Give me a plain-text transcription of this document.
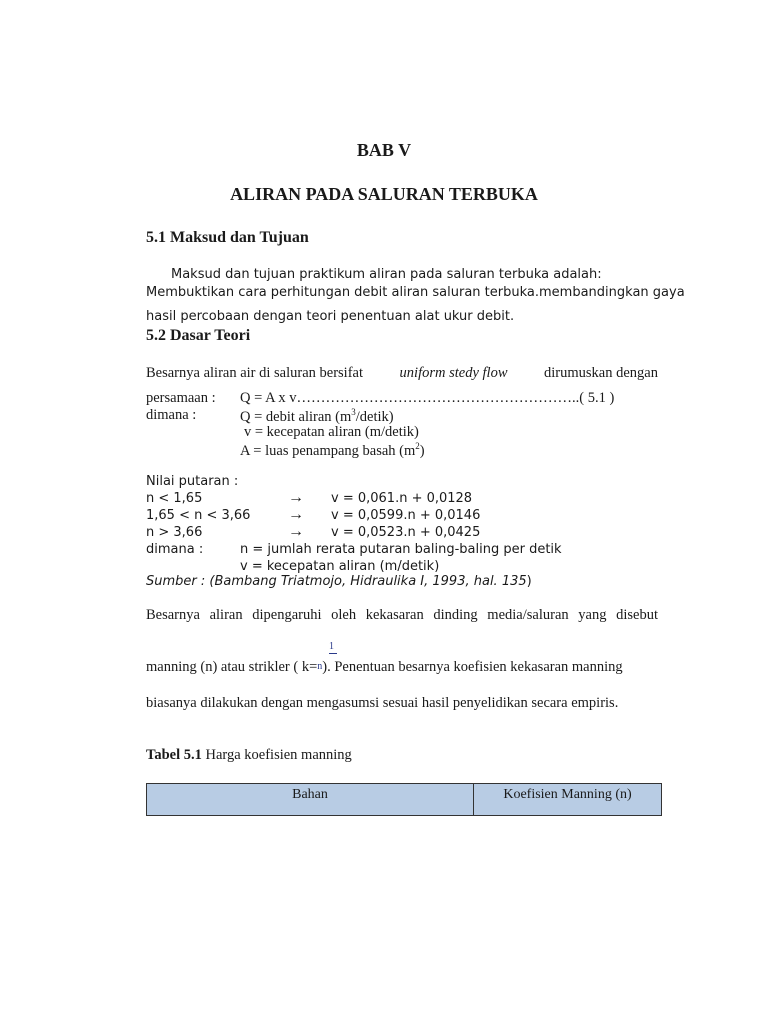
BAB V
ALIRAN PADA SALURAN TERBUKA
5.1 Maksud dan Tujuan
Maksud dan tujuan praktikum aliran pada saluran terbuka adalah:
Membuktikan cara perhitungan debit aliran saluran terbuka.membandingkan gaya
hasil percobaan dengan teori penentuan alat ukur debit.
5.2 Dasar Teori
Besarnya aliran air di saluran bersifat	uniform stedy flow	dirumuskan dengan
persamaan : Q = A x v…………………………………………………..( 5.1 )
dimana :	Q = debit aliran $(m^3/detik)$
v = kecepatan aliran (m/detik)
A = luas penampang basah $(m^2)$
Nilai putaran :
n < 1,65	→ v = 0,061.n + 0,0128
1,65 < n < 3,66 → v = 0,0599.n + 0,0146
n > 3,66	→ v = 0,0523.n + 0,0425
dimana :	n = jumlah rerata putaran baling-baling per detik
v = kecepatan aliran (m/detik)
Sumber : (Bambang Triatmojo, Hidraulika I, 1993, hal. 135)
Besarnya aliran dipengaruhi oleh kekasaran dinding media/saluran yang disebut
1
manning (n) atau strikler ( k=n). Penentuan besarnya koefisien kekasaran manning
biasanya dilakukan dengan mengasumsi sesuai hasil penyelidikan secara empiris.
Tabel 5.1 Harga koefisien manning
Bahan	Koefisien Manning (n)
